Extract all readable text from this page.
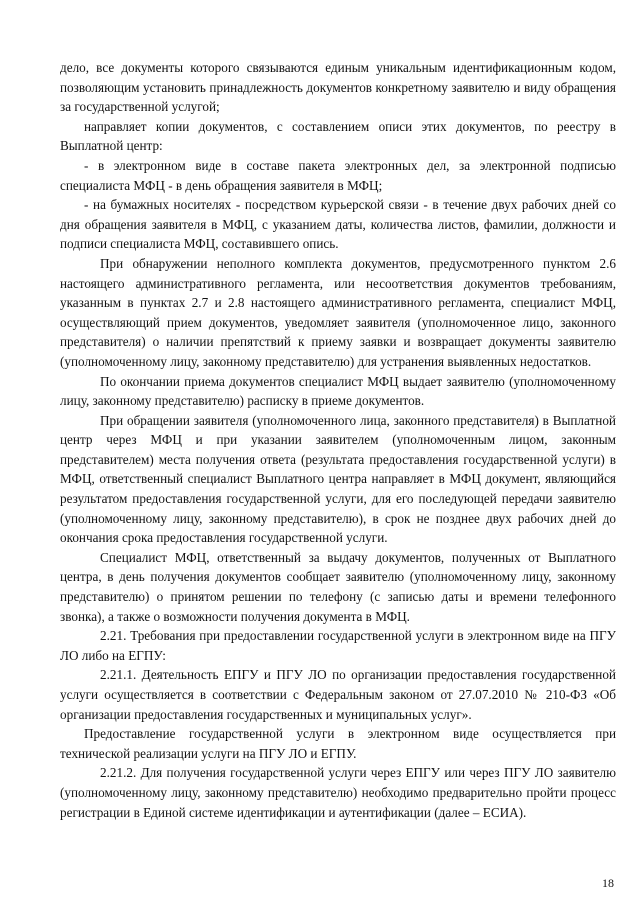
дело, все документы которого связываются единым уникальным идентификационным кодом, позволяющим установить принадлежность документов конкретному заявителю и виду обращения за государственной услугой;

направляет копии документов, с составлением описи этих документов, по реестру в Выплатной центр:

- в электронном виде в составе пакета электронных дел, за электронной подписью специалиста МФЦ - в день обращения заявителя в МФЦ;

- на бумажных носителях - посредством курьерской связи - в течение двух рабочих дней со дня обращения заявителя в МФЦ, с указанием даты, количества листов, фамилии, должности и подписи специалиста МФЦ, составившего опись.

При обнаружении неполного комплекта документов, предусмотренного пунктом 2.6 настоящего административного регламента, или несоответствия документов требованиям, указанным в пунктах 2.7 и 2.8 настоящего административного регламента, специалист МФЦ, осуществляющий прием документов, уведомляет заявителя (уполномоченное лицо, законного представителя) о наличии препятствий к приему заявки и возвращает документы заявителю (уполномоченному лицу, законному представителю) для устранения выявленных недостатков.

По окончании приема документов специалист МФЦ выдает заявителю (уполномоченному лицу, законному представителю) расписку в приеме документов.

При обращении заявителя (уполномоченного лица, законного представителя) в Выплатной центр через МФЦ и при указании заявителем (уполномоченным лицом, законным представителем) места получения ответа (результата предоставления государственной услуги) в МФЦ, ответственный специалист Выплатного центра направляет в МФЦ документ, являющийся результатом предоставления государственной услуги, для его последующей передачи заявителю (уполномоченному лицу, законному представителю), в срок не позднее двух рабочих дней до окончания срока предоставления государственной услуги.

Специалист МФЦ, ответственный за выдачу документов, полученных от Выплатного центра, в день получения документов сообщает заявителю (уполномоченному лицу, законному представителю) о принятом решении по телефону (с записью даты и времени телефонного звонка), а также о возможности получения документа в МФЦ.

2.21. Требования при предоставлении государственной услуги в электронном виде на ПГУ ЛО либо на ЕГПУ:

2.21.1. Деятельность ЕПГУ и ПГУ ЛО по организации предоставления государственной услуги осуществляется в соответствии с Федеральным законом от 27.07.2010 № 210-ФЗ «Об организации предоставления государственных и муниципальных услуг».

Предоставление государственной услуги в электронном виде осуществляется при технической реализации услуги на ПГУ ЛО и ЕГПУ.

2.21.2. Для получения государственной услуги через ЕПГУ или через ПГУ ЛО заявителю (уполномоченному лицу, законному представителю) необходимо предварительно пройти процесс регистрации в Единой системе идентификации и аутентификации (далее – ЕСИА).

18
